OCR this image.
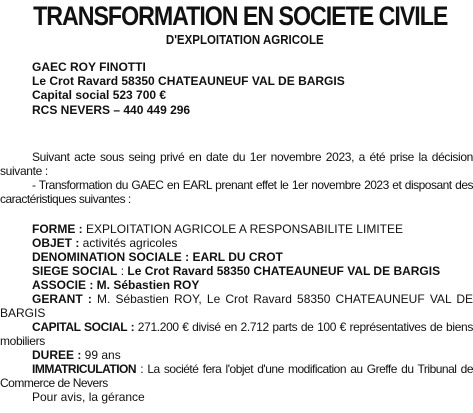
TRANSFORMATION EN SOCIETE CIVILE
D'EXPLOITATION AGRICOLE
GAEC ROY FINOTTI
Le Crot Ravard 58350 CHATEAUNEUF VAL DE BARGIS
Capital social 523 700 €
RCS NEVERS – 440 449 296

Suivant acte sous seing privé en date du 1er novembre 2023, a été prise la décision suivante :

- Transformation du GAEC en EARL prenant effet le 1er novembre 2023 et disposant des caractéristiques suivantes :

FORME : EXPLOITATION AGRICOLE A RESPONSABILITE LIMITEE

OBJET : activités agricoles

DENOMINATION SOCIALE : EARL DU CROT

SIEGE SOCIAL : Le Crot Ravard 58350 CHATEAUNEUF VAL DE BARGIS

ASSOCIE : M. Sébastien ROY

GERANT : M. Sébastien ROY, Le Crot Ravard 58350 CHATEAUNEUF VAL DE BARGIS

CAPITAL SOCIAL : 271.200 € divisé en 2.712 parts de 100 € représentatives de biens mobiliers

DUREE : 99 ans

IMMATRICULATION : La société fera l'objet d'une modification au Greffe du Tribunal de Commerce de Nevers

Pour avis, la gérance
